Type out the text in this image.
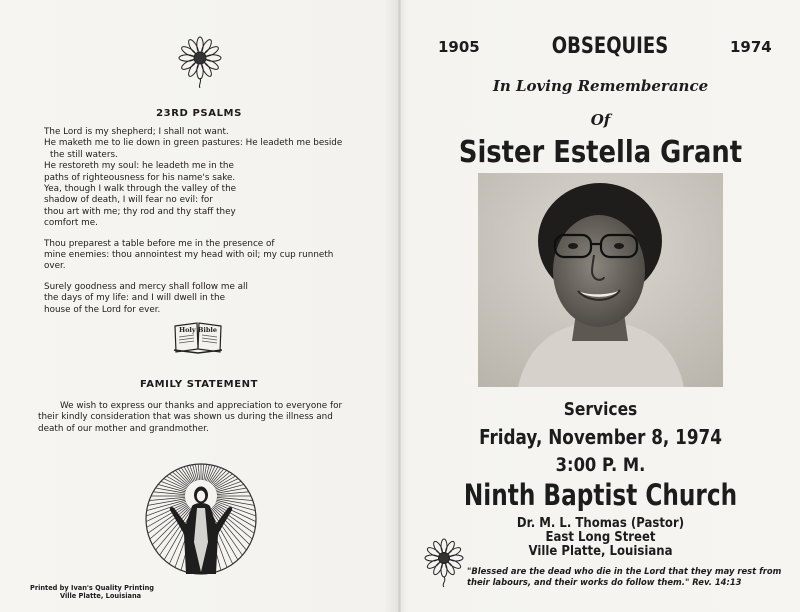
23RD PSALMS
The Lord is my shepherd; I shall not want.
He maketh me to lie down in green pastures: He leadeth me beside
the still waters.
He restoreth my soul: he leadeth me in the
paths of righteousness for his name's sake.
Yea, though I walk through the valley of the
shadow of death, I will fear no evil: for
thou art with me; thy rod and thy staff they
comfort me.
Thou preparest a table before me in the presence of
mine enemies: thou annointest my head with oil; my cup runneth
over.
Surely goodness and mercy shall follow me all
the days of my life: and I will dwell in the
house of the Lord for ever.
Holy Bible
FAMILY STATEMENT
We wish to express our thanks and appreciation to everyone for
their kindly consideration that was shown us during the illness and
death of our mother and grandmother.
Printed by Ivan's Quality Printing
Ville Platte, Louisiana
1905	OBSEQUIES	1974
In Loving Rememberance
Of
Sister Estella Grant
Services
Friday, November 8, 1974
3:00 P. M.
Ninth Baptist Church
Dr. M. L. Thomas (Pastor)
East Long Street
Ville Platte, Louisiana
"Blessed are the dead who die in the Lord that they may rest from
their labours, and their works do follow them." Rev. 14:13
